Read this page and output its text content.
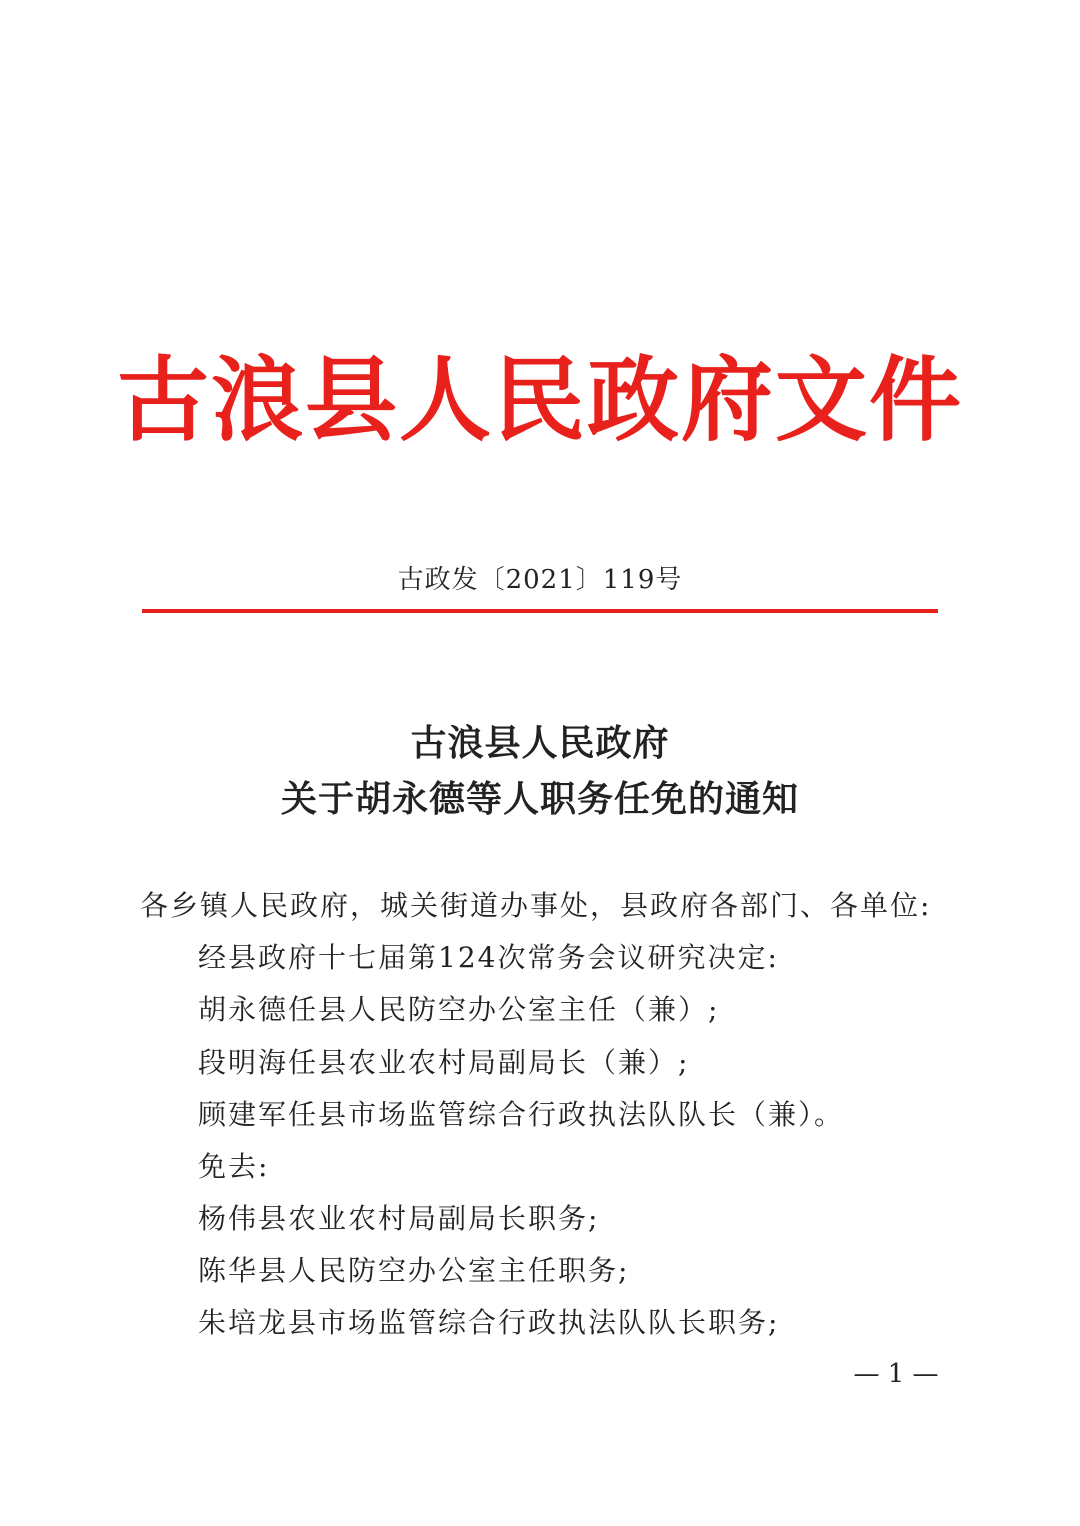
古浪县人民政府文件
古政发〔2021〕119号
古浪县人民政府
关于胡永德等人职务任免的通知
各乡镇人民政府，城关街道办事处，县政府各部门、各单位:
经县政府十七届第124次常务会议研究决定:
胡永德任县人民防空办公室主任（兼）;
段明海任县农业农村局副局长（兼）;
顾建军任县市场监管综合行政执法队队长（兼）。
免去:
杨伟县农业农村局副局长职务;
陈华县人民防空办公室主任职务;
朱培龙县市场监管综合行政执法队队长职务;
— 1 —
